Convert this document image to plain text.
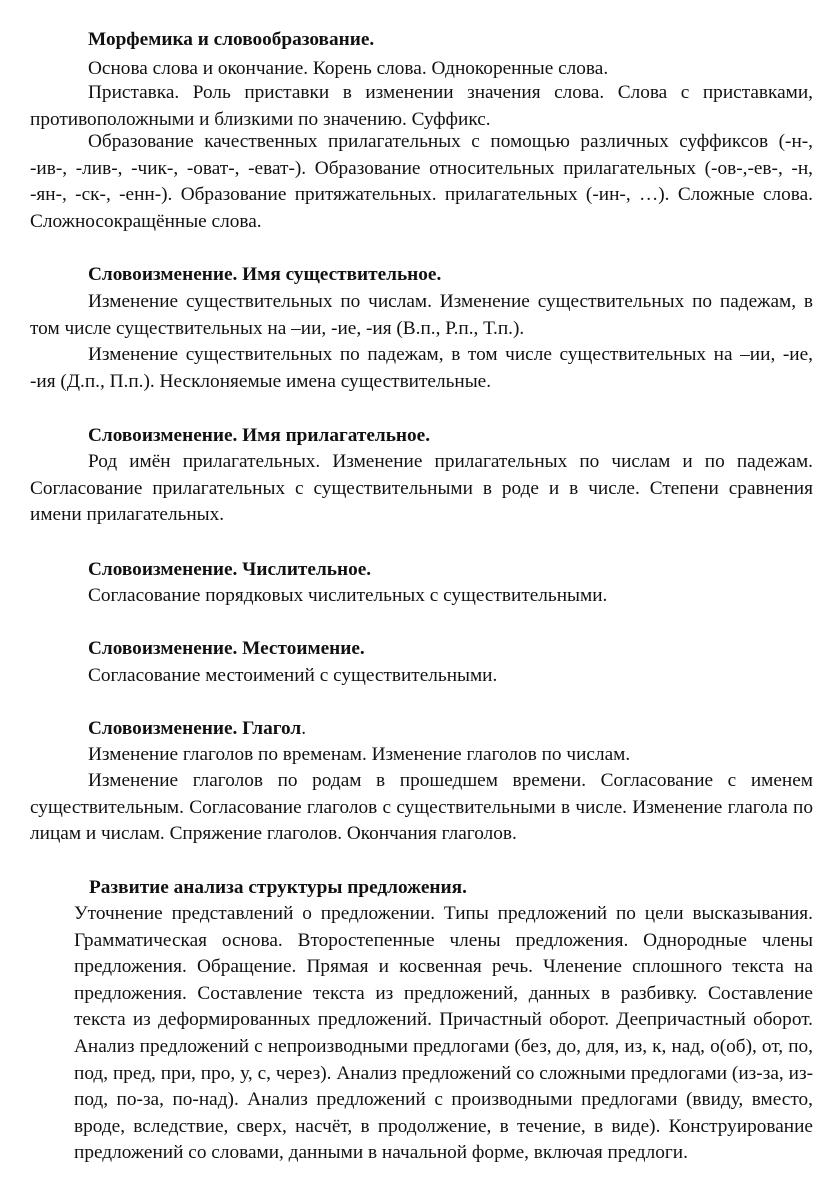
Морфемика и словообразование.
Основа слова и окончание. Корень слова. Однокоренные слова.
Приставка. Роль приставки в изменении значения слова. Слова с приставками, противоположными и близкими по значению. Суффикс.
Образование качественных прилагательных с помощью различных суффиксов (-н-, -ив-, -лив-, -чик-, -оват-, -еват-). Образование относительных прилагательных (-ов-,-ев-, -н, -ян-, -ск-, -енн-). Образование притяжательных. прилагательных (-ин-, …). Сложные слова. Сложносокращённые слова.
Словоизменение. Имя существительное.
Изменение существительных по числам. Изменение существительных по падежам, в том числе существительных на –ии, -ие, -ия (В.п., Р.п., Т.п.).
Изменение существительных по падежам, в том числе существительных на –ии, -ие, -ия (Д.п., П.п.). Несклоняемые имена существительные.
Словоизменение. Имя прилагательное.
Род имён прилагательных. Изменение прилагательных по числам и по падежам. Согласование прилагательных с существительными в роде и в числе. Степени сравнения имени прилагательных.
Словоизменение. Числительное.
Согласование порядковых числительных с существительными.
Словоизменение. Местоимение.
Согласование местоимений с существительными.
Словоизменение. Глагол.
Изменение глаголов по временам. Изменение глаголов по числам.
Изменение глаголов по родам в прошедшем времени. Согласование с именем существительным. Согласование глаголов с существительными в числе. Изменение глагола по лицам и числам. Спряжение глаголов. Окончания глаголов.
Развитие анализа структуры предложения.
Уточнение представлений о предложении. Типы предложений по цели высказывания. Грамматическая основа. Второстепенные члены предложения. Однородные члены предложения. Обращение. Прямая и косвенная речь. Членение сплошного текста на предложения. Составление текста из предложений, данных в разбивку. Составление текста из деформированных предложений. Причастный оборот. Деепричастный оборот. Анализ предложений с непроизводными предлогами (без, до, для, из, к, над, о(об), от, по, под, пред, при, про, у, с, через). Анализ предложений со сложными предлогами (из-за, из-под, по-за, по-над). Анализ предложений с производными предлогами (ввиду, вместо, вроде, вследствие, сверх, насчёт, в продолжение, в течение, в виде). Конструирование предложений со словами, данными в начальной форме, включая предлоги.
